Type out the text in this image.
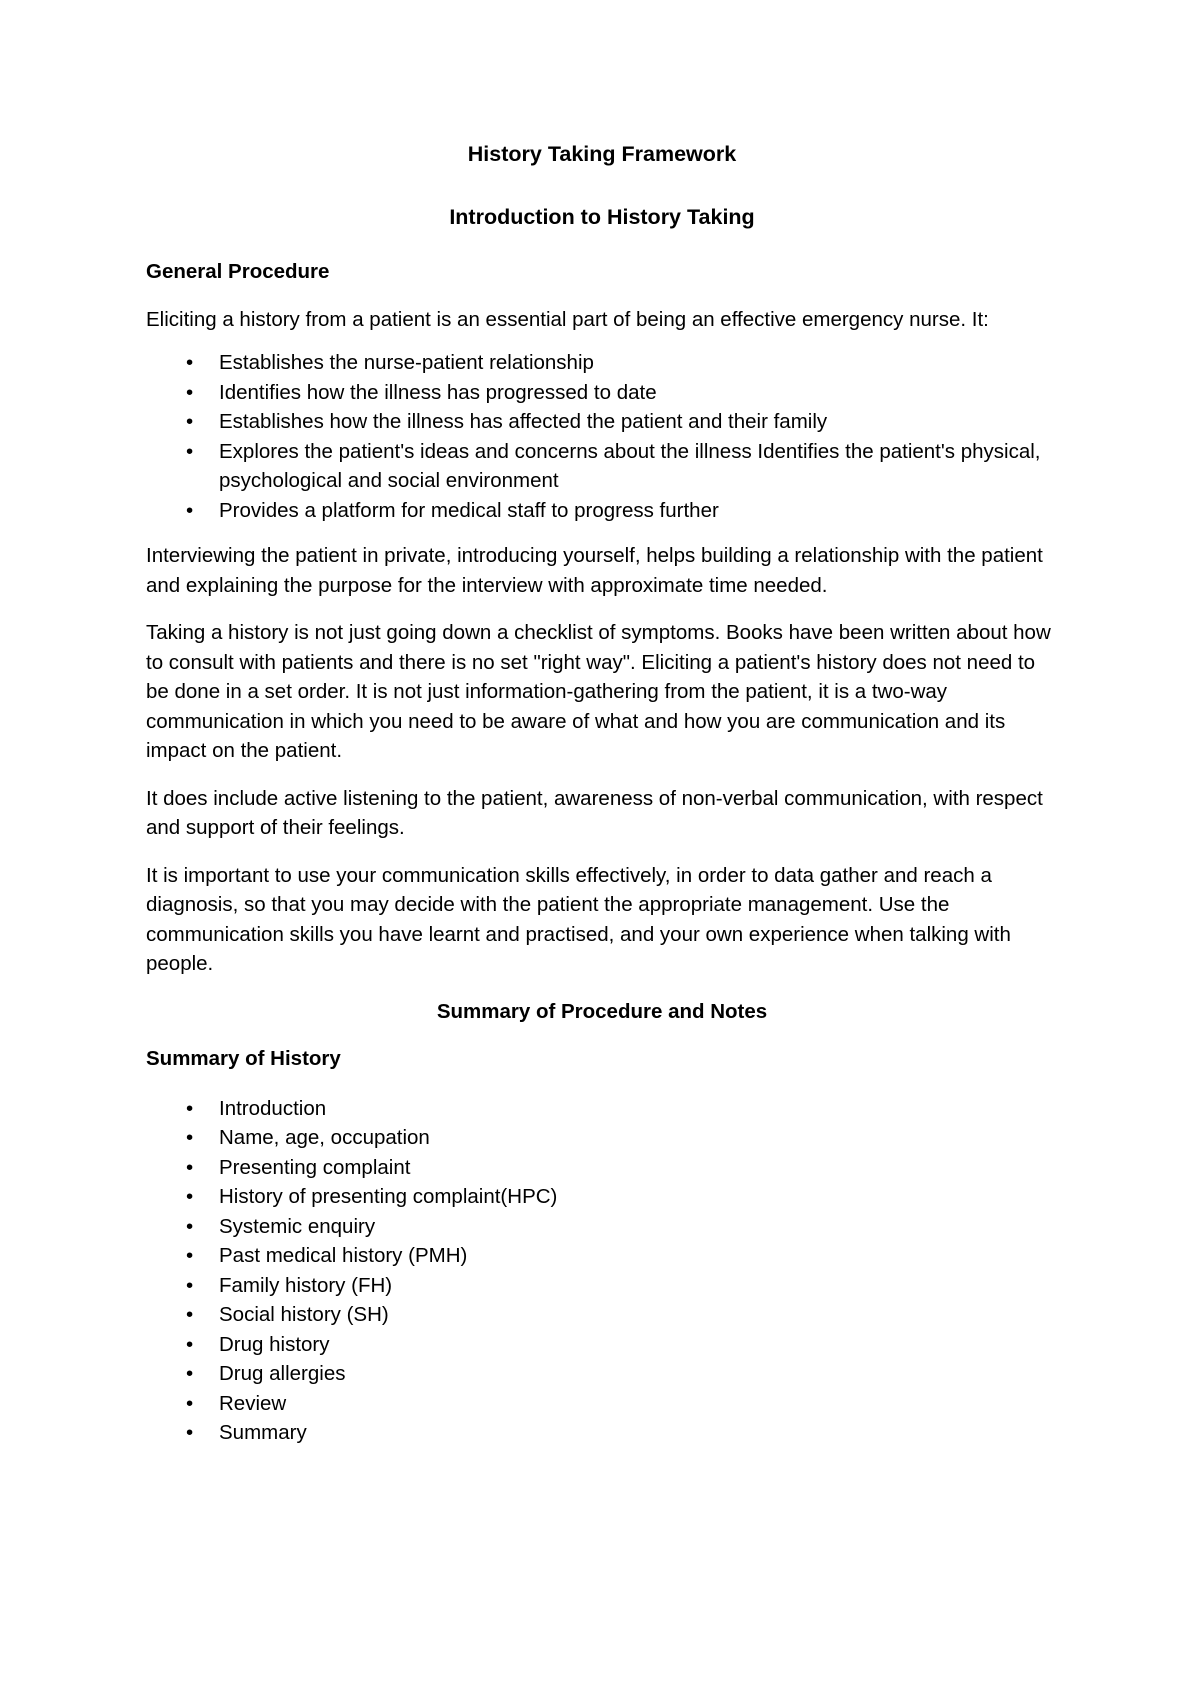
History Taking Framework
Introduction to History Taking
General Procedure

Eliciting a history from a patient is an essential part of being an effective emergency nurse. It:

• Establishes the nurse-patient relationship
• Identifies how the illness has progressed to date
• Establishes how the illness has affected the patient and their family
• Explores the patient's ideas and concerns about the illness Identifies the patient's physical, psychological and social environment
• Provides a platform for medical staff to progress further

Interviewing the patient in private, introducing yourself, helps building a relationship with the patient and explaining the purpose for the interview with approximate time needed.

Taking a history is not just going down a checklist of symptoms. Books have been written about how to consult with patients and there is no set "right way". Eliciting a patient's history does not need to be done in a set order. It is not just information-gathering from the patient, it is a two-way communication in which you need to be aware of what and how you are communication and its impact on the patient.

It does include active listening to the patient, awareness of non-verbal communication, with respect and support of their feelings.

It is important to use your communication skills effectively, in order to data gather and reach a diagnosis, so that you may decide with the patient the appropriate management. Use the communication skills you have learnt and practised, and your own experience when talking with people.

Summary of Procedure and Notes
Summary of History
• Introduction
• Name, age, occupation
• Presenting complaint
• History of presenting complaint(HPC)
• Systemic enquiry
• Past medical history (PMH)
• Family history (FH)
• Social history (SH)
• Drug history
• Drug allergies
• Review
• Summary
